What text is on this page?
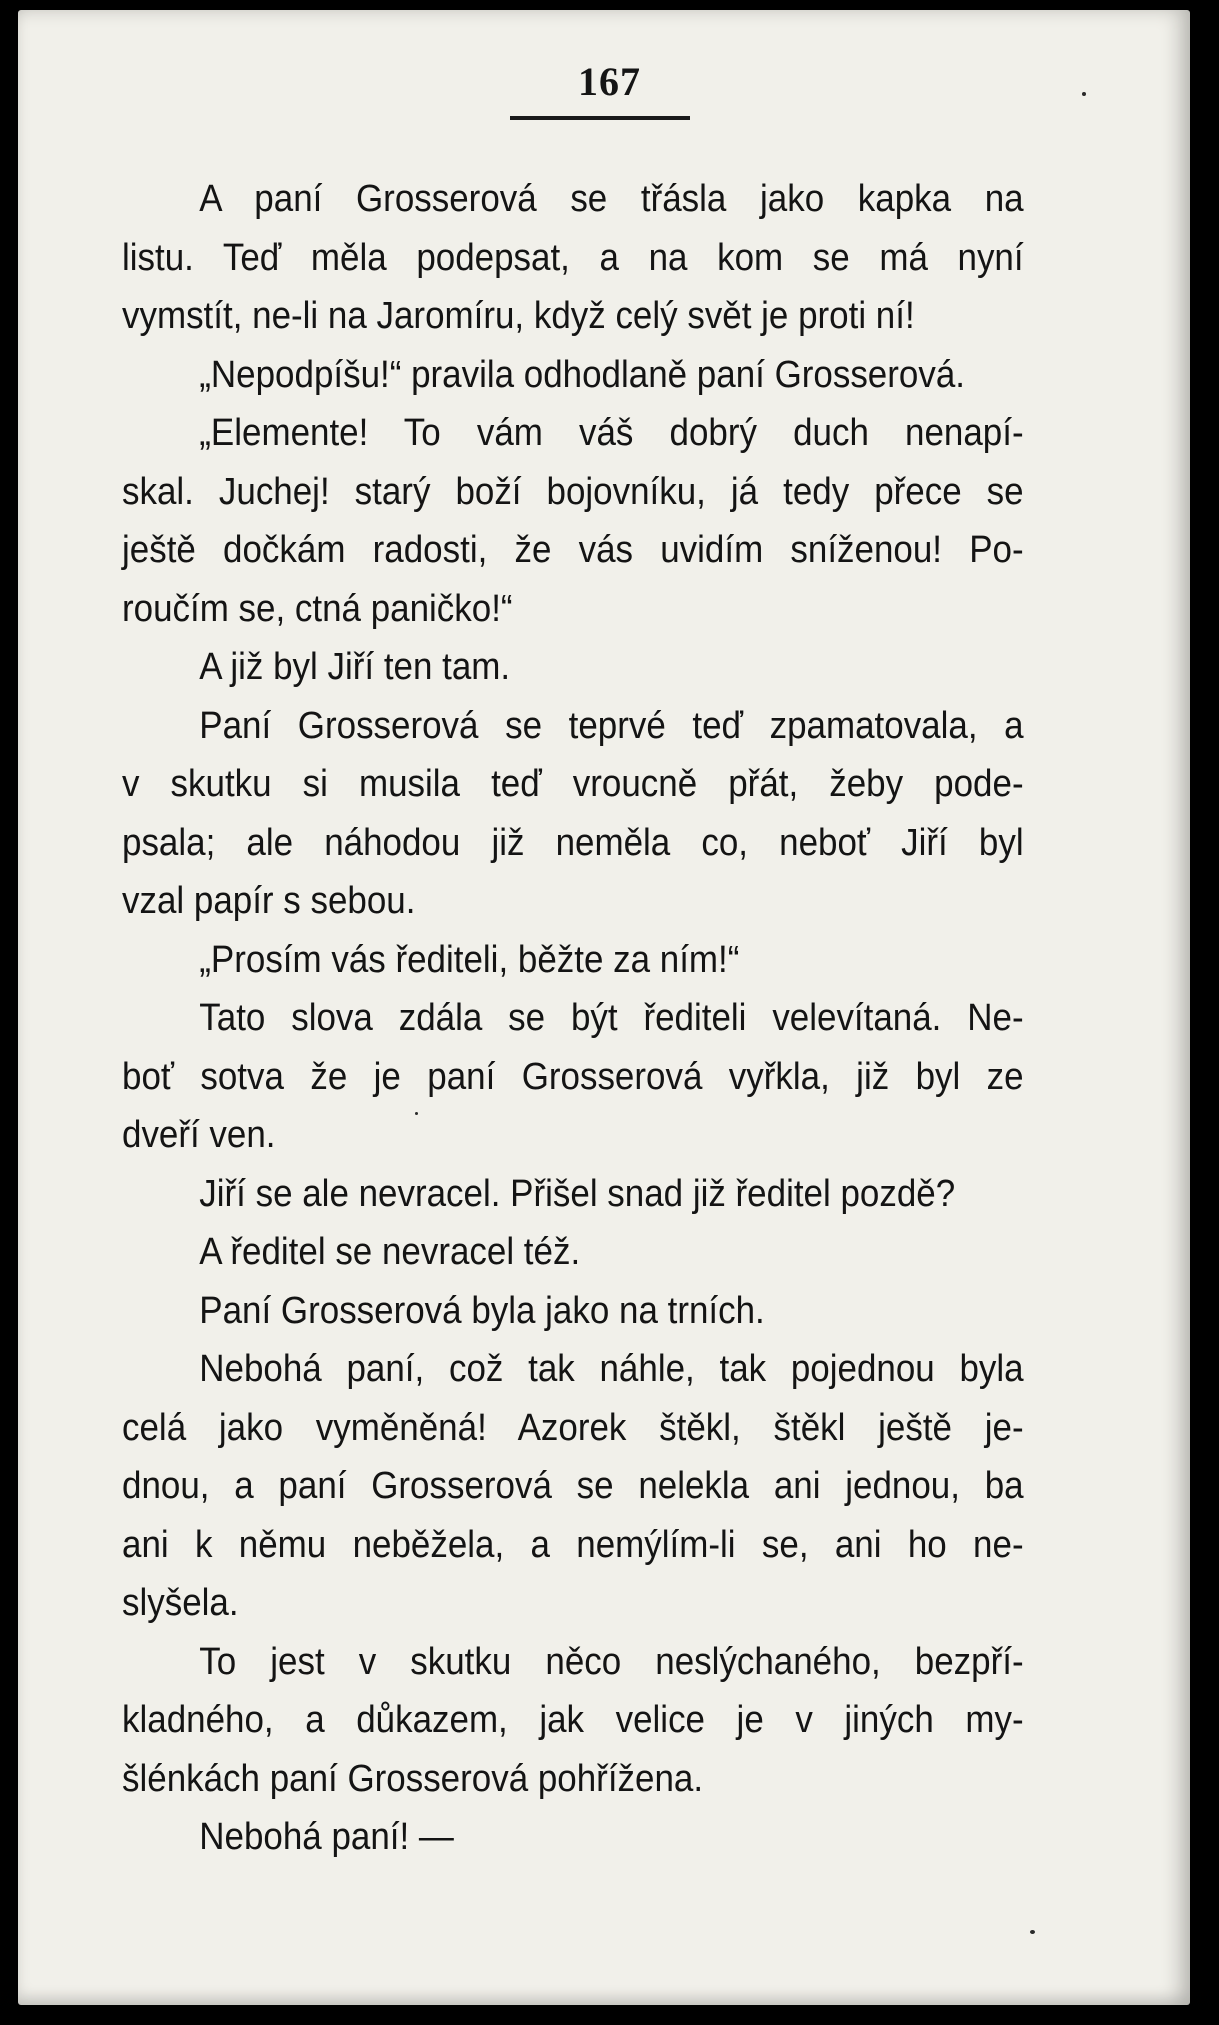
167

A paní Grosserová se třásla jako kapka na
listu. Teď měla podepsat, a na kom se má nyní
vymstít, ne-li na Jaromíru, když celý svět je proti ní!

„Nepodpíšu!“ pravila odhodlaně paní Grosserová.

„Elemente! To vám váš dobrý duch nenapí-
skal. Juchej! starý boží bojovníku, já tedy přece se
ještě dočkám radosti, že vás uvidím sníženou! Po-
roučím se, ctná paničko!“

A již byl Jiří ten tam.

Paní Grosserová se teprvé teď zpamatovala, a
v skutku si musila teď vroucně přát, žeby pode-
psala; ale náhodou již neměla co, neboť Jiří byl
vzal papír s sebou.

„Prosím vás řediteli, běžte za ním!“

Tato slova zdála se být řediteli velevítaná. Ne-
boť sotva že je paní Grosserová vyřkla, již byl ze
dveří ven.

Jiří se ale nevracel. Přišel snad již ředitel pozdě?

A ředitel se nevracel též.

Paní Grosserová byla jako na trních.

Nebohá paní, což tak náhle, tak pojednou byla
celá jako vyměněná! Azorek štěkl, štěkl ještě je-
dnou, a paní Grosserová se nelekla ani jednou, ba
ani k němu neběžela, a nemýlím-li se, ani ho ne-
slyšela.

To jest v skutku něco neslýchaného, bezpří-
kladného, a důkazem, jak velice je v jiných my-
šlénkách paní Grosserová pohřížena.

Nebohá paní! —
